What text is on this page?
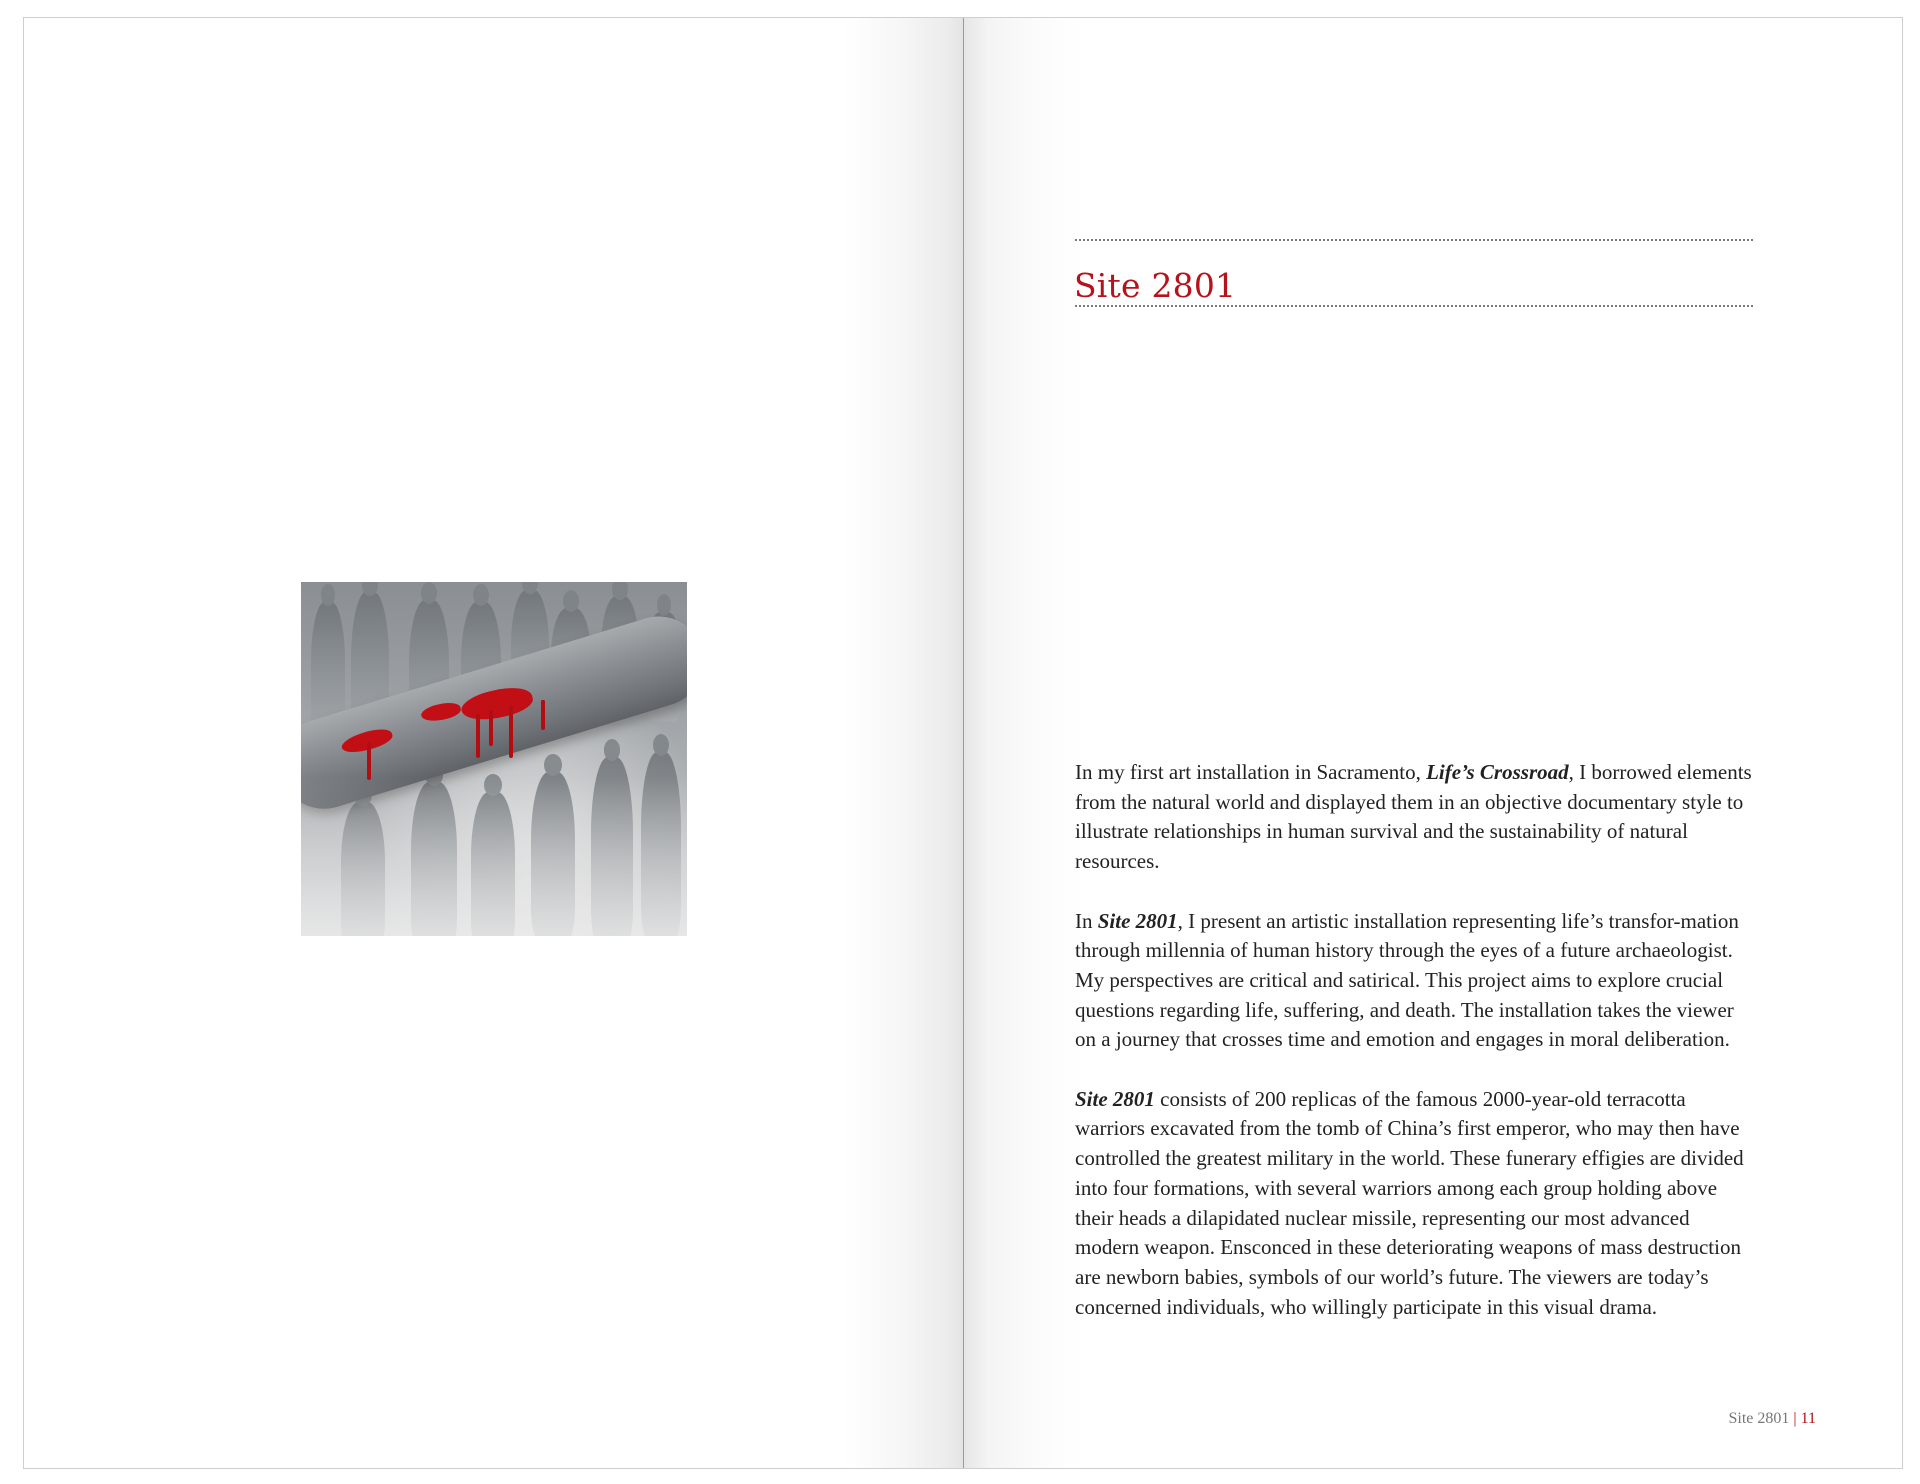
Site 2801

In my first art installation in Sacramento, Life’s Crossroad, I borrowed elements from the natural world and displayed them in an objective documentary style to illustrate relationships in human survival and the sustainability of natural resources.

In Site 2801, I present an artistic installation representing life’s transfor-mation through millennia of human history through the eyes of a future archaeologist. My perspectives are critical and satirical. This project aims to explore crucial questions regarding life, suffering, and death. The installation takes the viewer on a journey that crosses time and emotion and engages in moral deliberation.

Site 2801 consists of 200 replicas of the famous 2000-year-old terracotta warriors excavated from the tomb of China’s first emperor, who may then have controlled the greatest military in the world. These funerary effigies are divided into four formations, with several warriors among each group holding above their heads a dilapidated nuclear missile, representing our most advanced modern weapon. Ensconced in these deteriorating weapons of mass destruction are newborn babies, symbols of our world’s future. The viewers are today’s concerned individuals, who willingly participate in this visual drama.

Site 2801 | 11
